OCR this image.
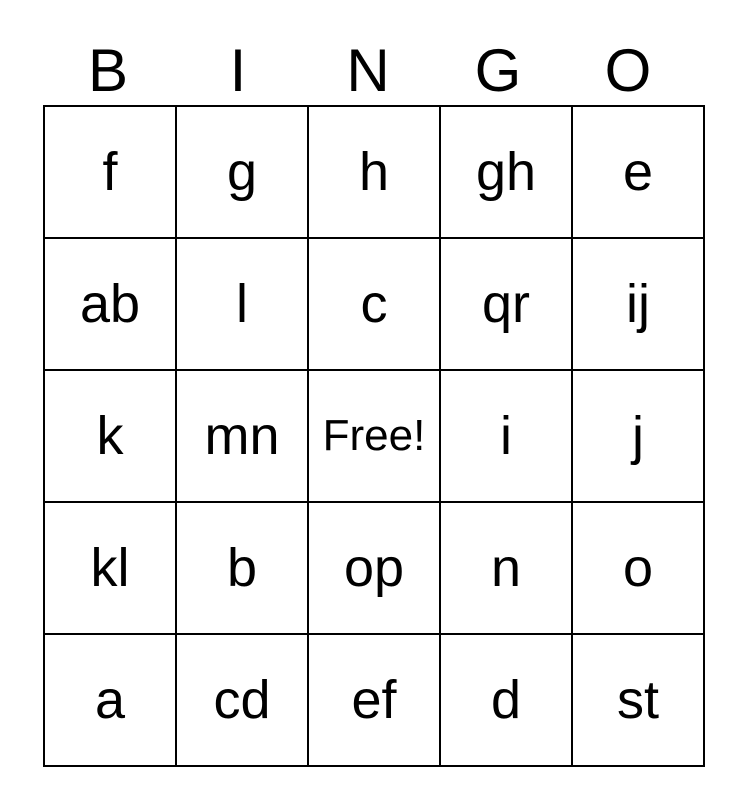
B	I	N	G	O
f	g	h	gh	e
ab	l	c	qr	ij
k	mn	Free!	i	j
kl	b	op	n	o
a	cd	ef	d	st
